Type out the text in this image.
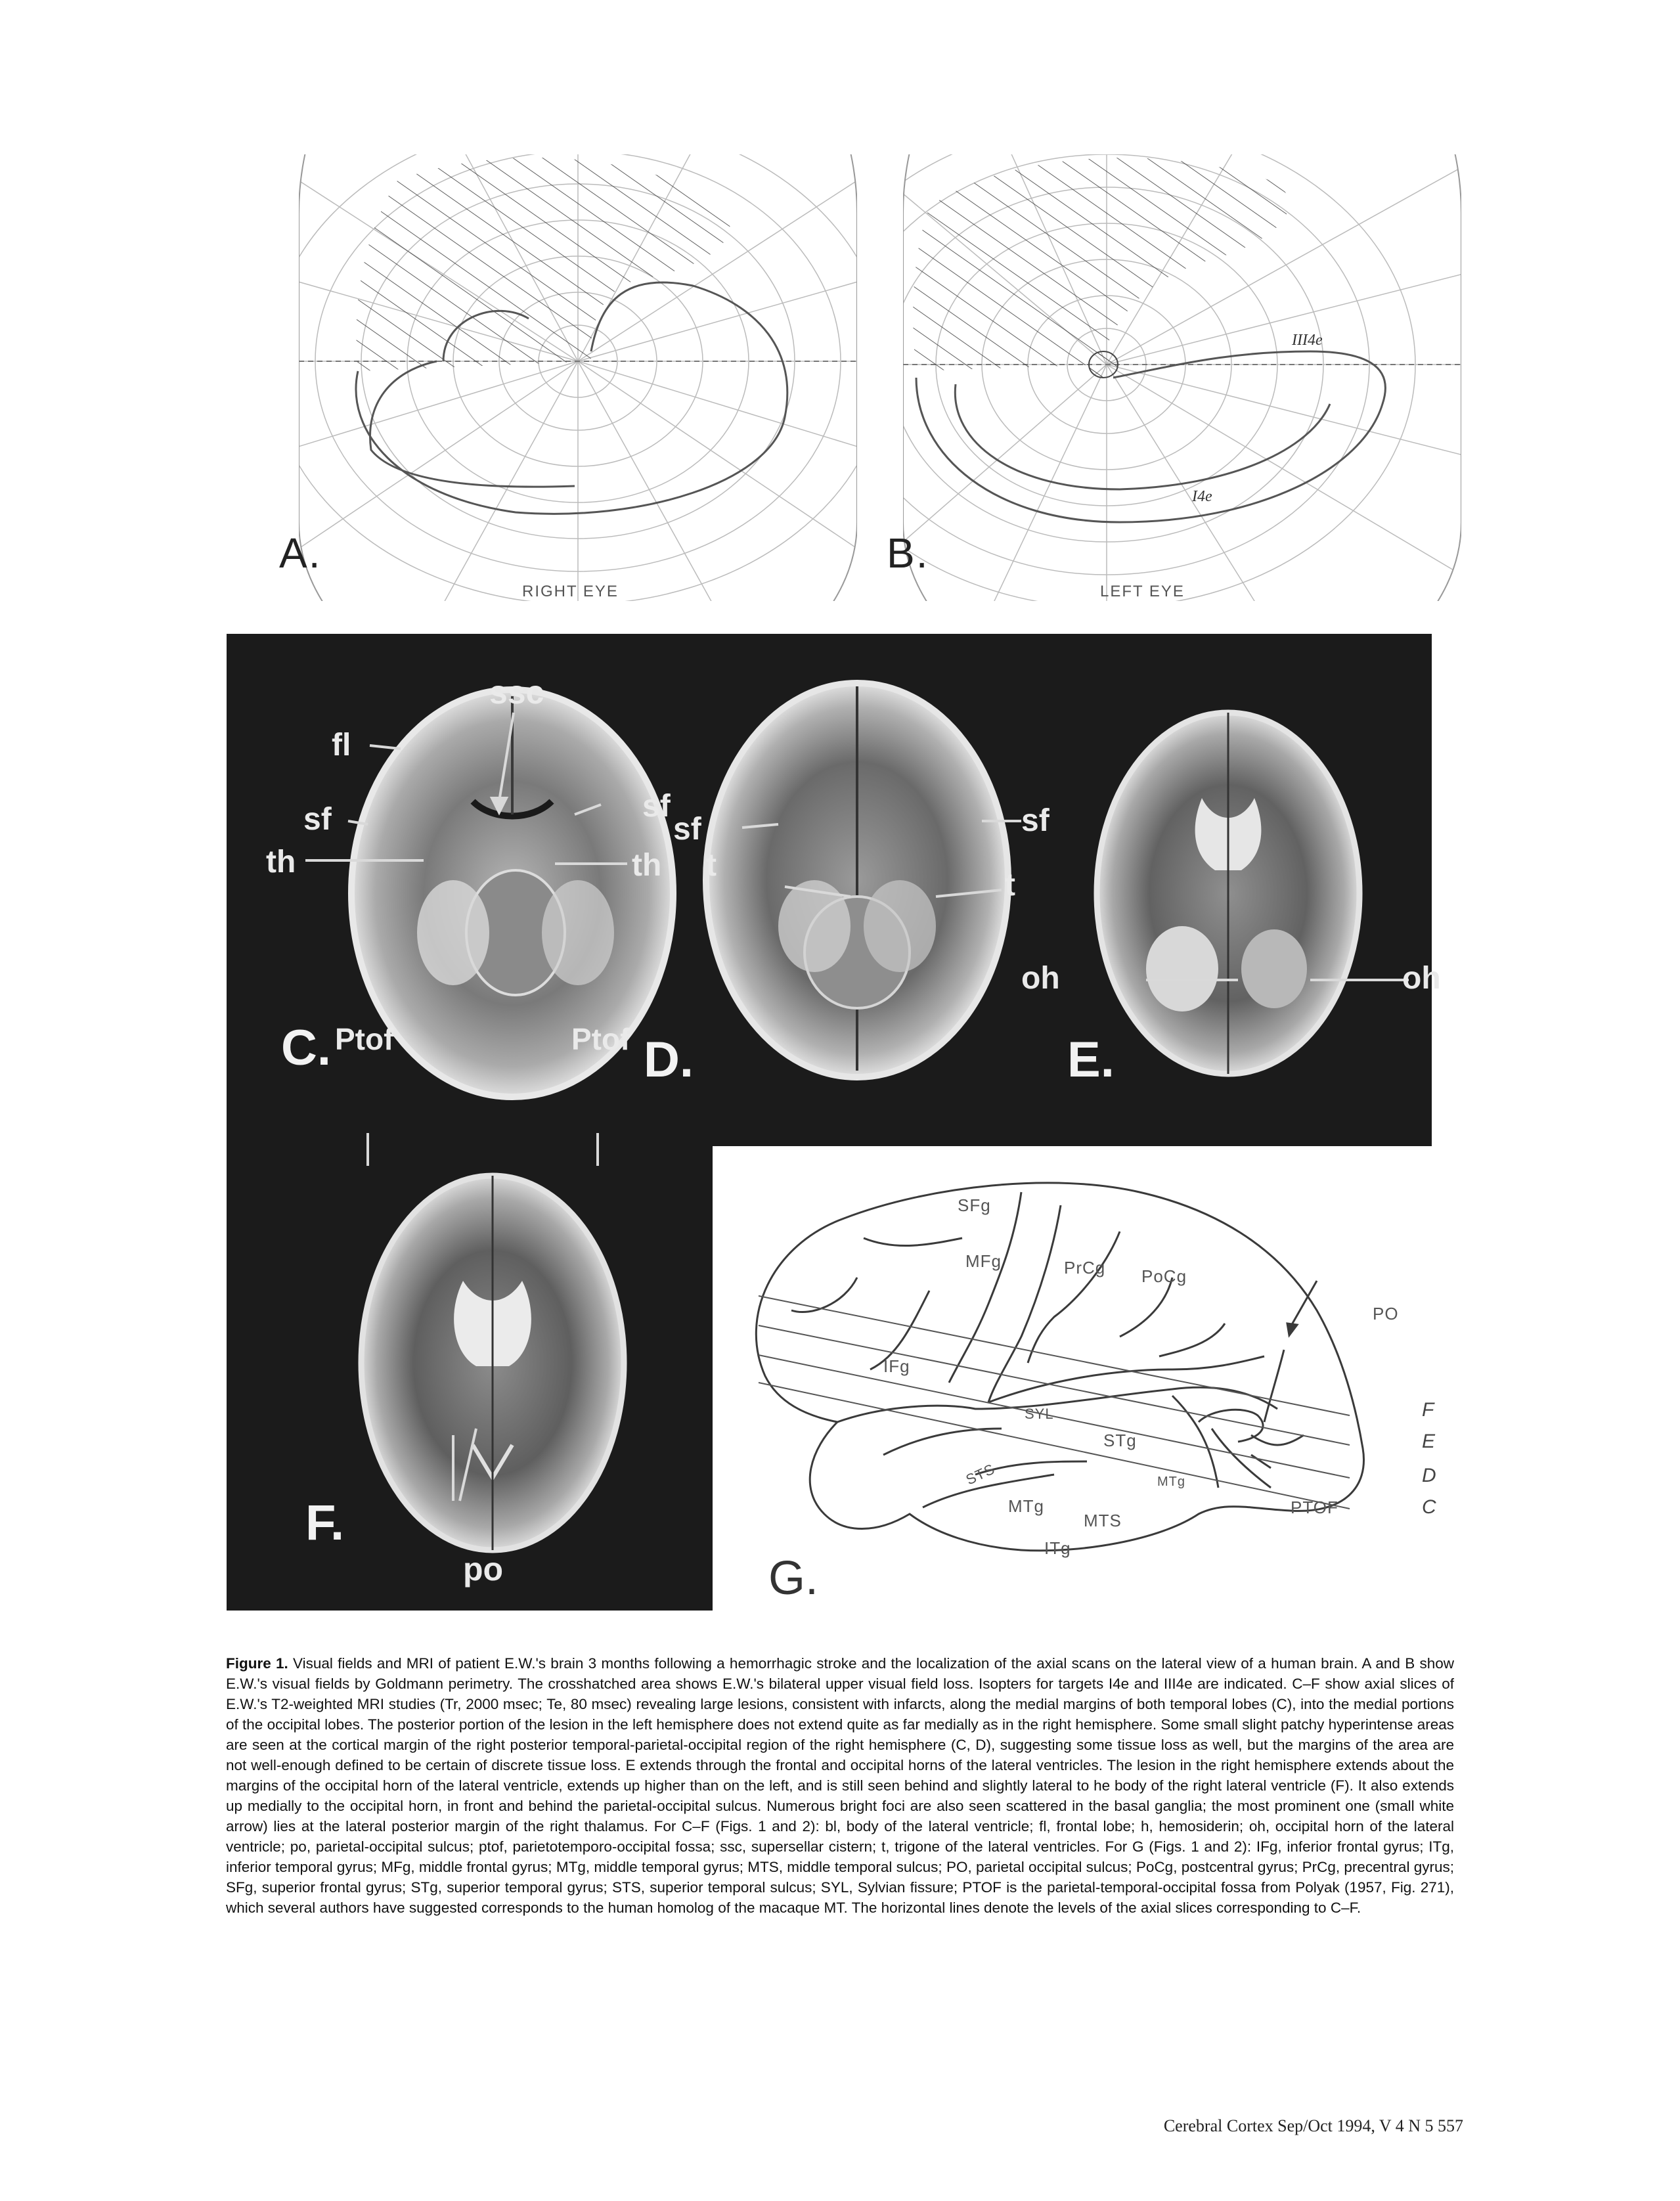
A.
RIGHT EYE
B.
LEFT EYE
III4e
I4e
ssc
fl
sf	sf
th	th
Ptof	Ptof
sf	sf
t
t
oh	oh
po
C.	D.	E.
F.
SFg
MFg	PrCg PoCg
PO
IFg
SYL
STg
STS	MTg
MTg
MTS
ITg
PTOF
F
E
D
C
G.
Figure 1. Visual fields and MRI of patient E.W.'s brain 3 months following a hemorrhagic stroke and the localization of the axial scans on the lateral view of a human brain. A and B show E.W.'s visual fields by Goldmann perimetry. The crosshatched area shows E.W.'s bilateral upper visual field loss. Isopters for targets I4e and III4e are indicated. C–F show axial slices of E.W.'s T2-weighted MRI studies (Tr, 2000 msec; Te, 80 msec) revealing large lesions, consistent with infarcts, along the medial margins of both temporal lobes (C), into the medial portions of the occipital lobes. The posterior portion of the lesion in the left hemisphere does not extend quite as far medially as in the right hemisphere. Some small slight patchy hyperintense areas are seen at the cortical margin of the right posterior temporal-parietal-occipital region of the right hemisphere (C, D), suggesting some tissue loss as well, but the margins of the area are not well-enough defined to be certain of discrete tissue loss. E extends through the frontal and occipital horns of the lateral ventricles. The lesion in the right hemisphere extends about the margins of the occipital horn of the lateral ventricle, extends up higher than on the left, and is still seen behind and slightly lateral to he body of the right lateral ventricle (F). It also extends up medially to the occipital horn, in front and behind the parietal-occipital sulcus. Numerous bright foci are also seen scattered in the basal ganglia; the most prominent one (small white arrow) lies at the lateral posterior margin of the right thalamus. For C–F (Figs. 1 and 2): bl, body of the lateral ventricle; fl, frontal lobe; h, hemosiderin; oh, occipital horn of the lateral ventricle; po, parietal-occipital sulcus; ptof, parietotemporo-occipital fossa; ssc, supersellar cistern; t, trigone of the lateral ventricles. For G (Figs. 1 and 2): IFg, inferior frontal gyrus; ITg, inferior temporal gyrus; MFg, middle frontal gyrus; MTg, middle temporal gyrus; MTS, middle temporal sulcus; PO, parietal occipital sulcus; PoCg, postcentral gyrus; PrCg, precentral gyrus; SFg, superior frontal gyrus; STg, superior temporal gyrus; STS, superior temporal sulcus; SYL, Sylvian fissure; PTOF is the parietal-temporal-occipital fossa from Polyak (1957, Fig. 271), which several authors have suggested corresponds to the human homolog of the macaque MT. The horizontal lines denote the levels of the axial slices corresponding to C–F.
Cerebral Cortex Sep/Oct 1994, V 4 N 5 557
